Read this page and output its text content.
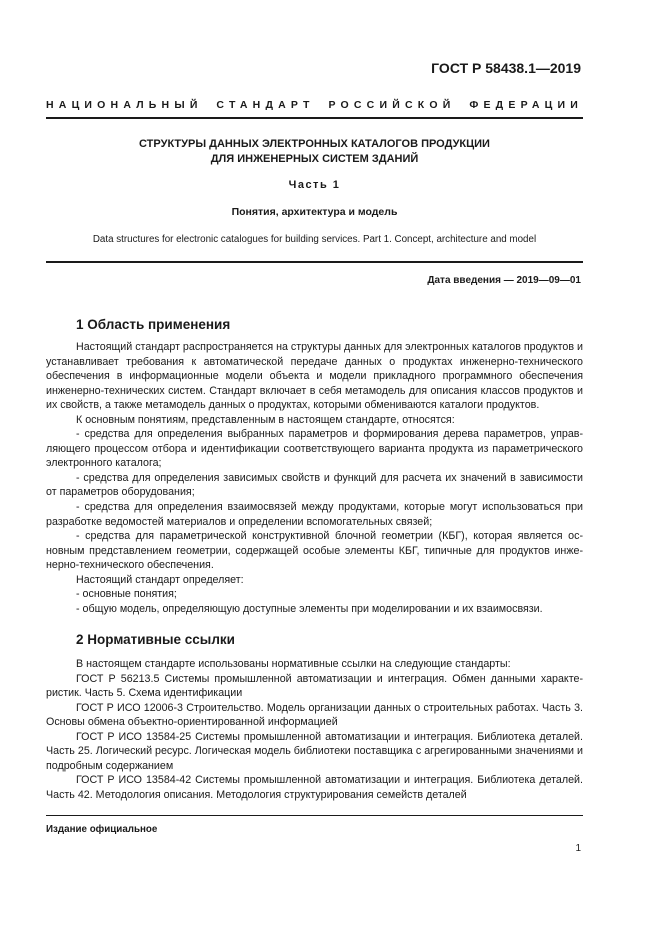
ГОСТ Р 58438.1—2019
НАЦИОНАЛЬНЫЙ СТАНДАРТ РОССИЙСКОЙ ФЕДЕРАЦИИ
СТРУКТУРЫ ДАННЫХ ЭЛЕКТРОННЫХ КАТАЛОГОВ ПРОДУКЦИИ
ДЛЯ ИНЖЕНЕРНЫХ СИСТЕМ ЗДАНИЙ
Часть 1
Понятия, архитектура и модель
Data structures for electronic catalogues for building services. Part 1. Concept, architecture and model
Дата введения — 2019—09—01
1 Область применения

Настоящий стандарт распространяется на структуры данных для электронных каталогов продуктов и устанавливает требования к автоматической передаче данных о продуктах инженерно-технического обеспечения в информационные модели объекта и модели прикладного программного обеспечения инженерно-технических систем. Стандарт включает в себя метамодель для описания классов продуктов и их свойств, а также метамодель данных о продуктах, которыми обмениваются каталоги продуктов.

К основным понятиям, представленным в настоящем стандарте, относятся:

- средства для определения выбранных параметров и формирования дерева параметров, управляющего процессом отбора и идентификации соответствующего варианта продукта из параметрического электронного каталога;

- средства для определения зависимых свойств и функций для расчета их значений в зависимости от параметров оборудования;

- средства для определения взаимосвязей между продуктами, которые могут использоваться при разработке ведомостей материалов и определении вспомогательных связей;

- средства для параметрической конструктивной блочной геометрии (КБГ), которая является основным представлением геометрии, содержащей особые элементы КБГ, типичные для продуктов инженерно-технического обеспечения.

Настоящий стандарт определяет:

- основные понятия;

- общую модель, определяющую доступные элементы при моделировании и их взаимосвязи.

2 Нормативные ссылки

В настоящем стандарте использованы нормативные ссылки на следующие стандарты:

ГОСТ Р 56213.5 Системы промышленной автоматизации и интеграция. Обмен данными характеристик. Часть 5. Схема идентификации

ГОСТ Р ИСО 12006-3 Строительство. Модель организации данных о строительных работах. Часть 3. Основы обмена объектно-ориентированной информацией

ГОСТ Р ИСО 13584-25 Системы промышленной автоматизации и интеграция. Библиотека деталей. Часть 25. Логический ресурс. Логическая модель библиотеки поставщика с агрегированными значениями и подробным содержанием

ГОСТ Р ИСО 13584-42 Системы промышленной автоматизации и интеграция. Библиотека деталей. Часть 42. Методология описания. Методология структурирования семейств деталей

Издание официальное
1
